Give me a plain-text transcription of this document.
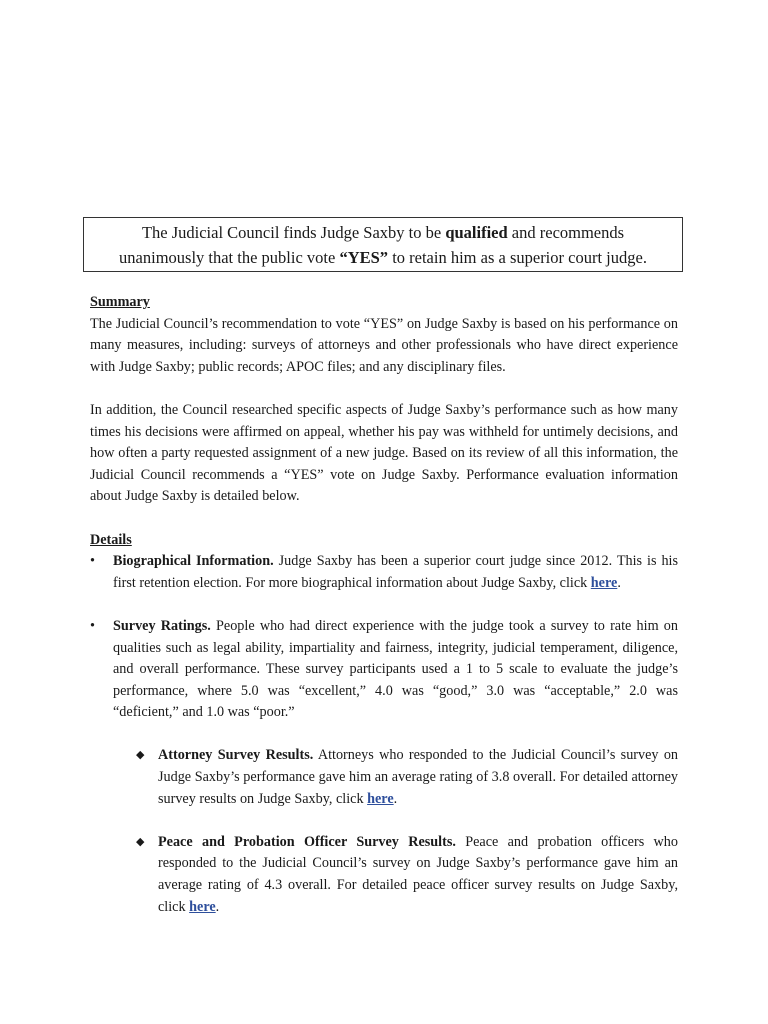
The Judicial Council finds Judge Saxby to be qualified and recommends
unanimously that the public vote “YES” to retain him as a superior court judge.
Summary

The Judicial Council’s recommendation to vote “YES” on Judge Saxby is based on his performance on many measures, including: surveys of attorneys and other professionals who have direct experience with Judge Saxby; public records; APOC files; and any disciplinary files.

In addition, the Council researched specific aspects of Judge Saxby’s performance such as how many times his decisions were affirmed on appeal, whether his pay was withheld for untimely decisions, and how often a party requested assignment of a new judge. Based on its review of all this information, the Judicial Council recommends a “YES” vote on Judge Saxby. Performance evaluation information about Judge Saxby is detailed below.

Details
• Biographical Information. Judge Saxby has been a superior court judge since 2012. This is his first retention election. For more biographical information about Judge Saxby, click here.
• Survey Ratings. People who had direct experience with the judge took a survey to rate him on qualities such as legal ability, impartiality and fairness, integrity, judicial temperament, diligence, and overall performance. These survey participants used a 1 to 5 scale to evaluate the judge’s performance, where 5.0 was “excellent,” 4.0 was “good,” 3.0 was “acceptable,” 2.0 was “deficient,” and 1.0 was “poor.”
◆ Attorney Survey Results. Attorneys who responded to the Judicial Council’s survey on Judge Saxby’s performance gave him an average rating of 3.8 overall. For detailed attorney survey results on Judge Saxby, click here.
◆ Peace and Probation Officer Survey Results. Peace and probation officers who responded to the Judicial Council’s survey on Judge Saxby’s performance gave him an average rating of 4.3 overall. For detailed peace officer survey results on Judge Saxby, click here.
